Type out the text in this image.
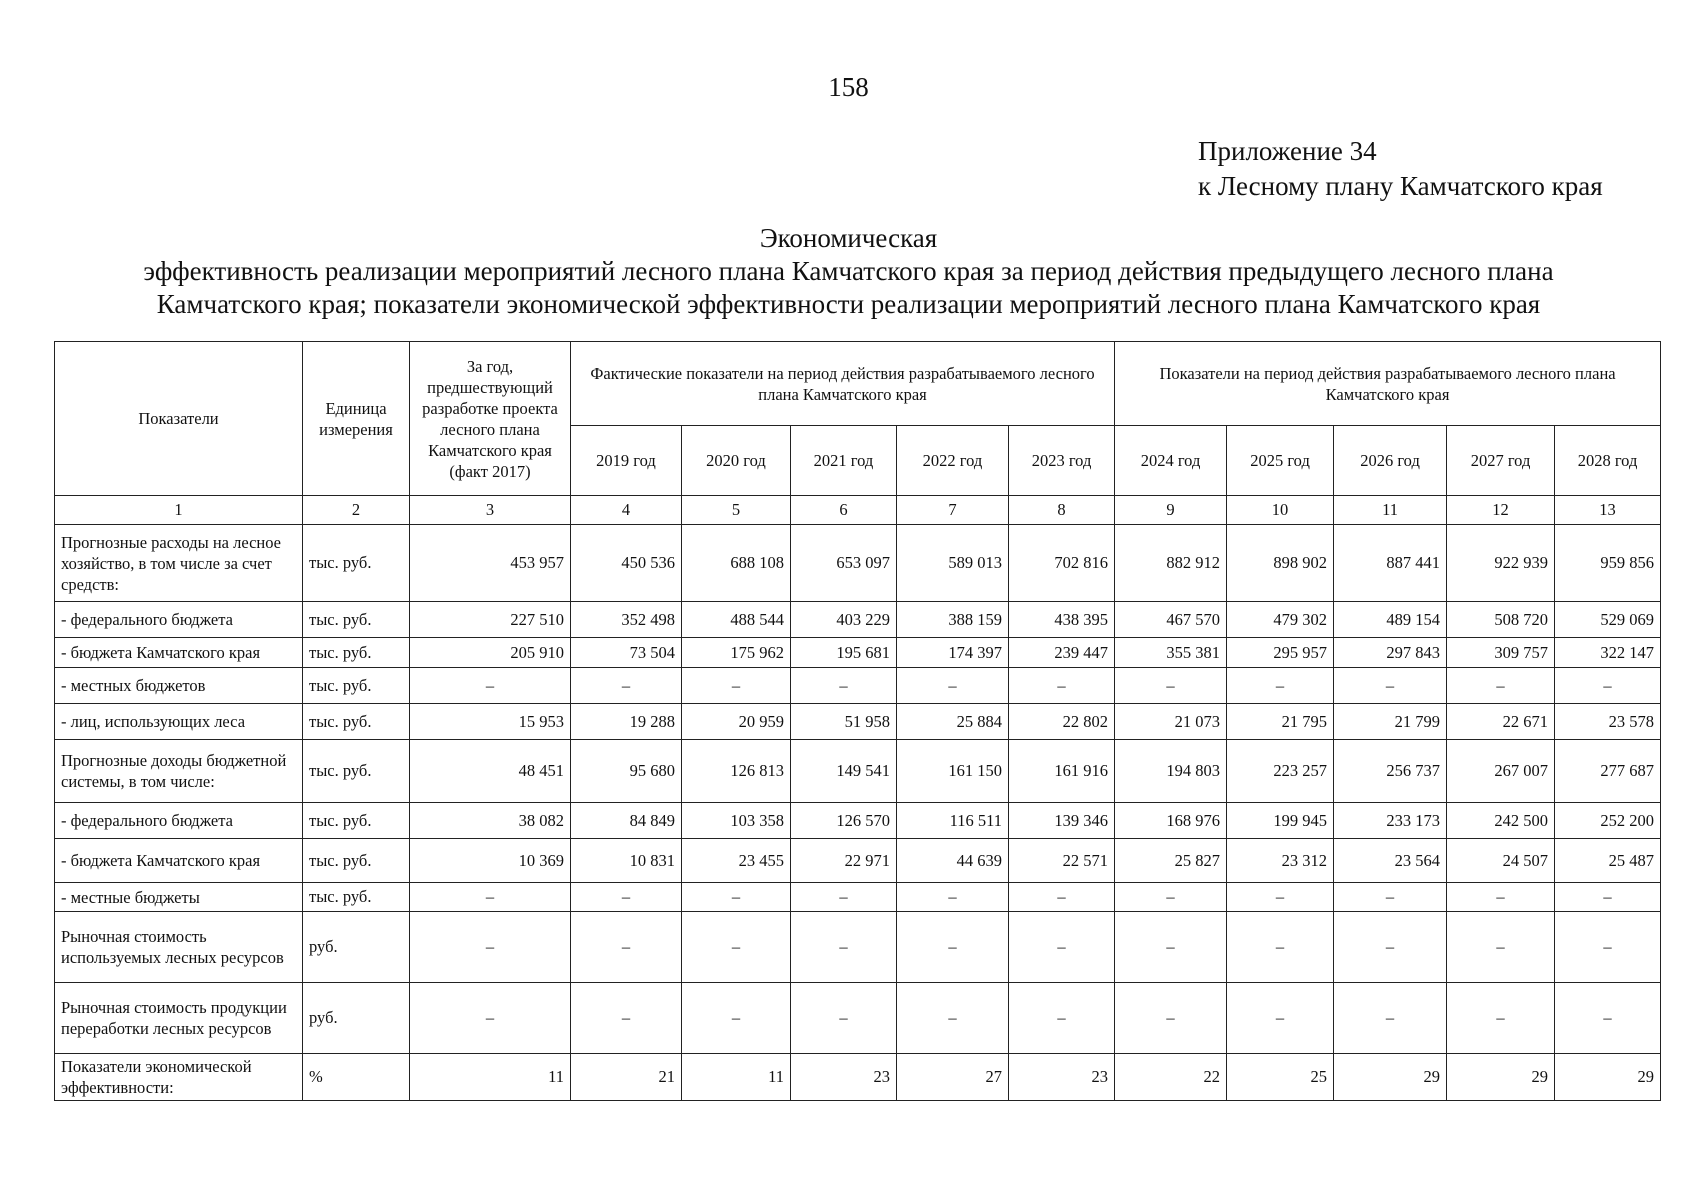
158
Приложение 34
к Лесному плану Камчатского края
Экономическая
эффективность реализации мероприятий лесного плана Камчатского края за период действия предыдущего лесного плана
Камчатского края; показатели экономической эффективности реализации мероприятий лесного плана Камчатского края
Показатели	Единица измерения	За год, предшествующий разработке проекта лесного плана Камчатского края (факт 2017)	Фактические показатели на период действия разрабатываемого лесного плана Камчатского края					Показатели на период действия разрабатываемого лесного плана Камчатского края				
			2019 год	2020 год	2021 год	2022 год	2023 год	2024 год	2025 год	2026 год	2027 год	2028 год
1	2	3	4	5	6	7	8	9	10	11	12	13
Прогнозные расходы на лесное хозяйство, в том числе за счет средств:	тыс. руб.	453 957	450 536	688 108	653 097	589 013	702 816	882 912	898 902	887 441	922 939	959 856
- федерального бюджета	тыс. руб.	227 510	352 498	488 544	403 229	388 159	438 395	467 570	479 302	489 154	508 720	529 069
- бюджета Камчатского края	тыс. руб.	205 910	73 504	175 962	195 681	174 397	239 447	355 381	295 957	297 843	309 757	322 147
- местных бюджетов	тыс. руб.	–	–	–	–	–	–	–	–	–	–	–
- лиц, использующих леса	тыс. руб.	15 953	19 288	20 959	51 958	25 884	22 802	21 073	21 795	21 799	22 671	23 578
Прогнозные доходы бюджетной системы, в том числе:	тыс. руб.	48 451	95 680	126 813	149 541	161 150	161 916	194 803	223 257	256 737	267 007	277 687
- федерального бюджета	тыс. руб.	38 082	84 849	103 358	126 570	116 511	139 346	168 976	199 945	233 173	242 500	252 200
- бюджета Камчатского края	тыс. руб.	10 369	10 831	23 455	22 971	44 639	22 571	25 827	23 312	23 564	24 507	25 487
- местные бюджеты	тыс. руб.	–	–	–	–	–	–	–	–	–	–	–
Рыночная стоимость используемых лесных ресурсов	руб.	–	–	–	–	–	–	–	–	–	–	–
Рыночная стоимость продукции переработки лесных ресурсов	руб.	–	–	–	–	–	–	–	–	–	–	–
Показатели экономической эффективности:	%	11	21	11	23	27	23	22	25	29	29	29
